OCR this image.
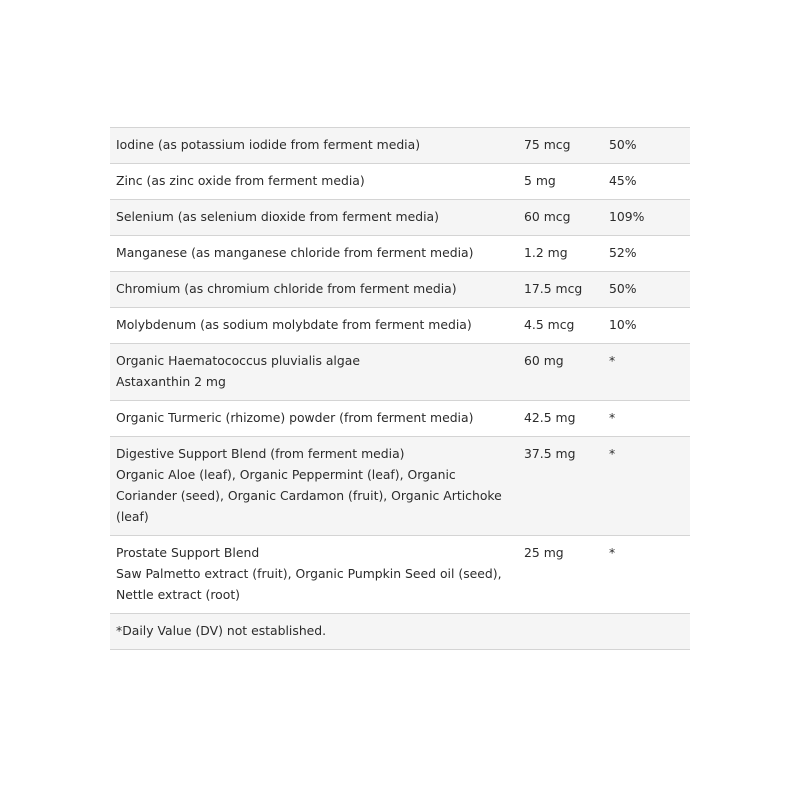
Iodine (as potassium iodide from ferment media)	75 mcg	50%
Zinc (as zinc oxide from ferment media)	5 mg	45%
Selenium (as selenium dioxide from ferment media)	60 mcg	109%
Manganese (as manganese chloride from ferment media)	1.2 mg	52%
Chromium (as chromium chloride from ferment media)	17.5 mcg	50%
Molybdenum (as sodium molybdate from ferment media)	4.5 mcg	10%

Organic Haematococcus pluvialis algae
Astaxanthin 2 mg	60 mg	*
Organic Turmeric (rhizome) powder (from ferment media)	42.5 mg	*

Digestive Support Blend (from ferment media)
Organic Aloe (leaf), Organic Peppermint (leaf), Organic Coriander (seed), Organic Cardamon (fruit), Organic Artichoke (leaf)	37.5 mg	*

Prostate Support Blend
Saw Palmetto extract (fruit), Organic Pumpkin Seed oil (seed),
Nettle extract (root)	25 mg	*
*Daily Value (DV) not established.		
